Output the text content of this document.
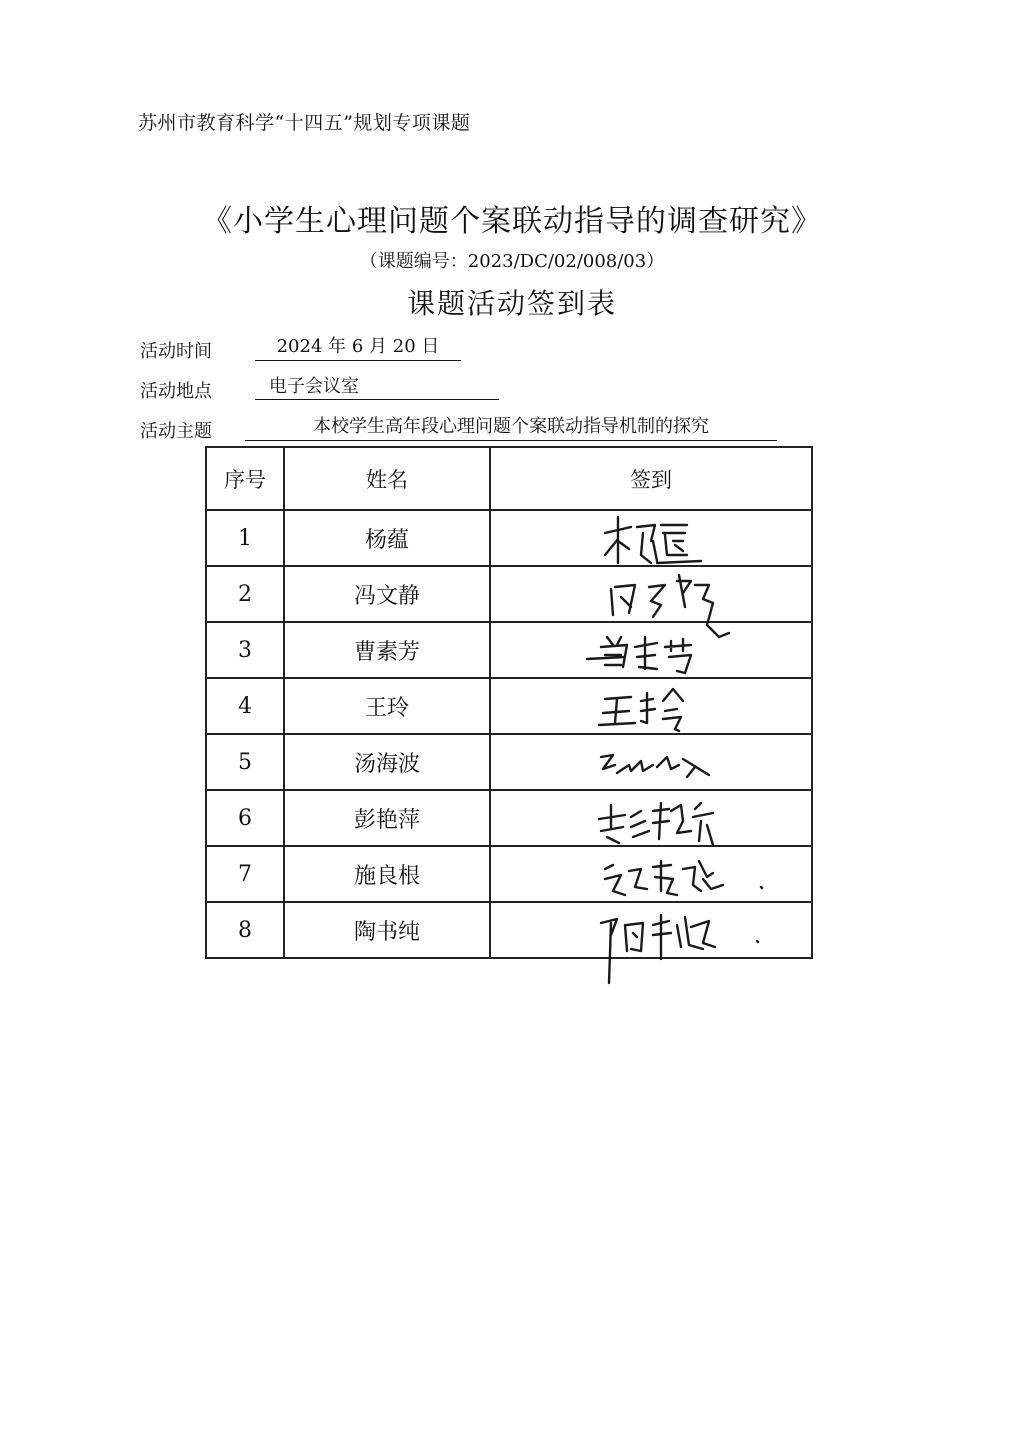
苏州市教育科学“十四五”规划专项课题
《小学生心理问题个案联动指导的调查研究》
（课题编号：2023/DC/02/008/03）
课题活动签到表
活动时间	2024 年 6 月 20 日
活动地点	电子会议室
活动主题	本校学生高年段心理问题个案联动指导机制的探究
序号	姓名	签到
1	杨蕴	

2	冯文静	

3	曹素芳	

4	王玲	

5	汤海波	

6	彭艳萍	

7	施良根	

8	陶书纯	
